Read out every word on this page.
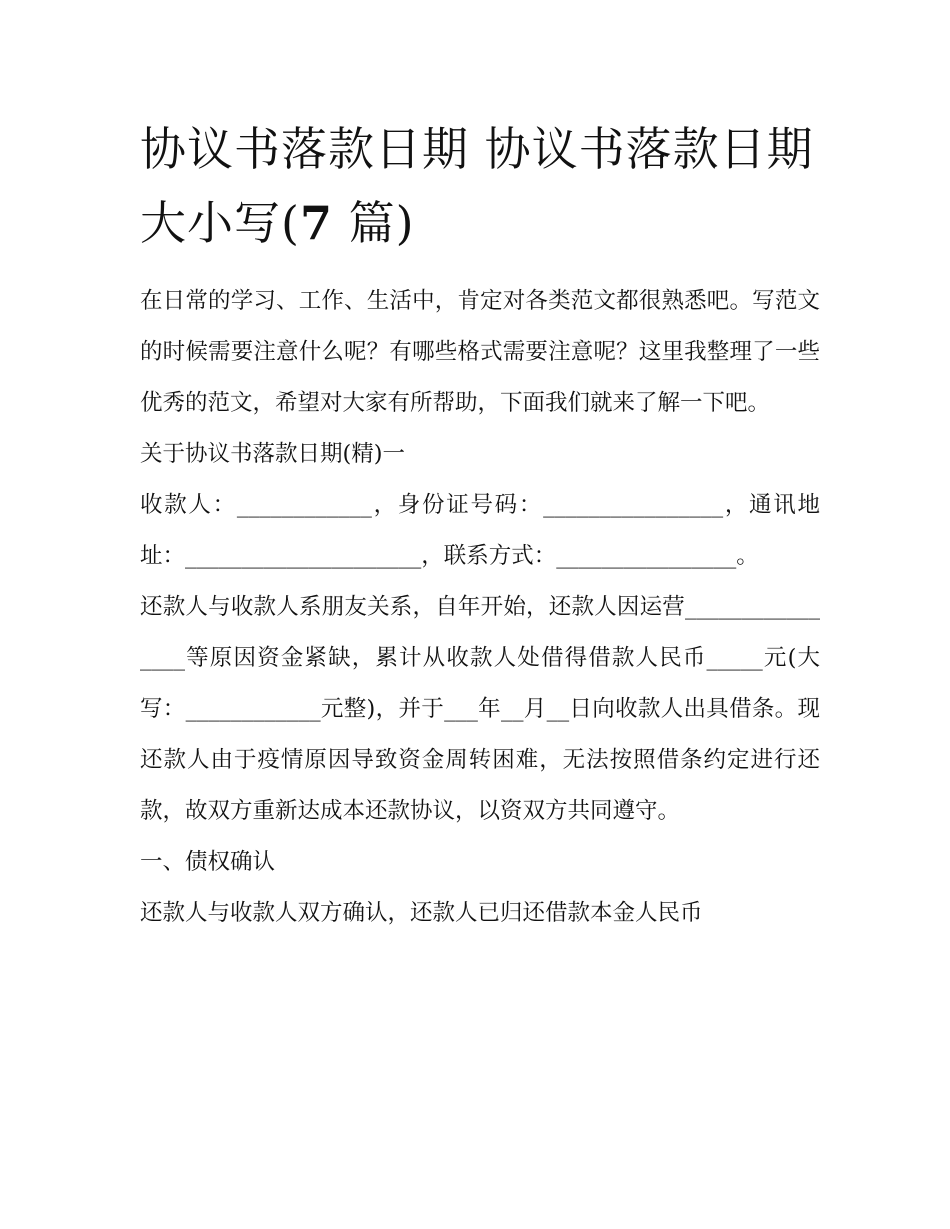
协议书落款日期 协议书落款日期大小写(7 篇)

在日常的学习、工作、生活中，肯定对各类范文都很熟悉吧。写范文的时候需要注意什么呢？有哪些格式需要注意呢？这里我整理了一些优秀的范文，希望对大家有所帮助，下面我们就来了解一下吧。

关于协议书落款日期(精)一

收款人：____________，身份证号码：________________，通讯地址：_____________________，联系方式：________________。

还款人与收款人系朋友关系，自年开始，还款人因运营________________等原因资金紧缺，累计从收款人处借得借款人民币_____元(大写：____________元整)，并于___年__月__日向收款人出具借条。现还款人由于疫情原因导致资金周转困难，无法按照借条约定进行还款，故双方重新达成本还款协议，以资双方共同遵守。

一、债权确认

还款人与收款人双方确认，还款人已归还借款本金人民币
